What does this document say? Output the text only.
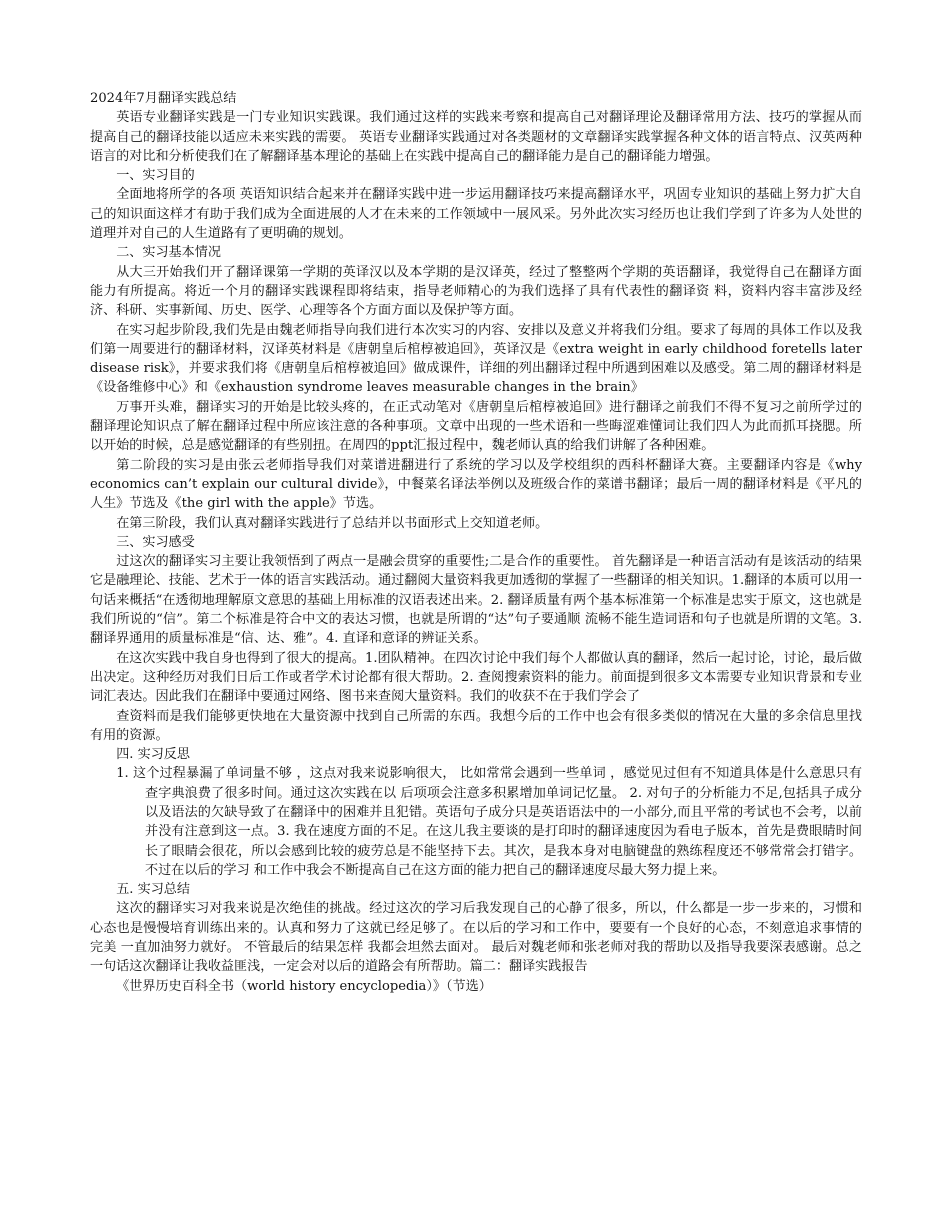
2024年7月翻译实践总结

英语专业翻译实践是一门专业知识实践课。我们通过这样的实践来考察和提高自己对翻译理论及翻译常用方法、技巧的掌握从而提高自己的翻译技能以适应未来实践的需要。 英语专业翻译实践通过对各类题材的文章翻译实践掌握各种文体的语言特点、汉英两种语言的对比和分析使我们在了解翻译基本理论的基础上在实践中提高自己的翻译能力是自己的翻译能力增强。

一、实习目的

全面地将所学的各项 英语知识结合起来并在翻译实践中进一步运用翻译技巧来提高翻译水平，巩固专业知识的基础上努力扩大自己的知识面这样才有助于我们成为全面进展的人才在未来的工作领域中一展风采。另外此次实习经历也让我们学到了许多为人处世的道理并对自己的人生道路有了更明确的规划。

二、实习基本情况

从大三开始我们开了翻译课第一学期的英译汉以及本学期的是汉译英，经过了整整两个学期的英语翻译，我觉得自己在翻译方面能力有所提高。将近一个月的翻译实践课程即将结束，指导老师精心的为我们选择了具有代表性的翻译资 料，资料内容丰富涉及经济、科研、实事新闻、历史、医学、心理等各个方面方面以及保护等方面。

在实习起步阶段,我们先是由魏老师指导向我们进行本次实习的内容、安排以及意义并将我们分组。要求了每周的具体工作以及我们第一周要进行的翻译材料，汉译英材料是《唐朝皇后棺椁被追回》，英译汉是《extra weight in early childhood foretells later disease risk》，并要求我们将《唐朝皇后棺椁被追回》做成课件，详细的列出翻译过程中所遇到困难以及感受。第二周的翻译材料是《设备维修中心》和《exhaustion syndrome leaves measurable changes in the brain》

万事开头难，翻译实习的开始是比较头疼的，在正式动笔对《唐朝皇后棺椁被追回》进行翻译之前我们不得不复习之前所学过的翻译理论知识点了解在翻译过程中所应该注意的各种事项。文章中出现的一些术语和一些晦涩难懂词让我们四人为此而抓耳挠腮。所以开始的时候，总是感觉翻译的有些别扭。在周四的ppt汇报过程中，魏老师认真的给我们讲解了各种困难。

第二阶段的实习是由张云老师指导我们对菜谱进翻进行了系统的学习以及学校组织的西科杯翻译大赛。主要翻译内容是《why economics can’t explain our cultural divide》，中餐菜名译法举例以及班级合作的菜谱书翻译；最后一周的翻译材料是《平凡的人生》节选及《the girl with the apple》节选。

在第三阶段，我们认真对翻译实践进行了总结并以书面形式上交知道老师。

三、实习感受

过这次的翻译实习主要让我领悟到了两点一是融会贯穿的重要性;二是合作的重要性。 首先翻译是一种语言活动有是该活动的结果它是融理论、技能、艺术于一体的语言实践活动。通过翻阅大量资料我更加透彻的掌握了一些翻译的相关知识。1.翻译的本质可以用一句话来概括“在透彻地理解原文意思的基础上用标准的汉语表述出来。2. 翻译质量有两个基本标准第一个标准是忠实于原文，这也就是我们所说的“信”。第二个标准是符合中文的表达习惯，也就是所谓的“达”句子要通顺 流畅不能生造词语和句子也就是所谓的文笔。3. 翻译界通用的质量标准是“信、达、雅”。4. 直译和意译的辨证关系。

在这次实践中我自身也得到了很大的提高。1.团队精神。在四次讨论中我们每个人都做认真的翻译，然后一起讨论，讨论，最后做出决定。这种经历对我们日后工作或者学术讨论都有很大帮助。2. 查阅搜索资料的能力。前面提到很多文本需要专业知识背景和专业词汇表达。因此我们在翻译中要通过网络、图书来查阅大量资料。我们的收获不在于我们学会了

查资料而是我们能够更快地在大量资源中找到自己所需的东西。我想今后的工作中也会有很多类似的情况在大量的多余信息里找有用的资源。

四. 实习反思

1. 这个过程暴漏了单词量不够 ，这点对我来说影响很大， 比如常常会遇到一些单词 ，感觉见过但有不知道具体是什么意思只有查字典浪费了很多时间。通过这次实践在以 后项项会注意多积累增加单词记忆量。 2. 对句子的分析能力不足,包括具子成分以及语法的欠缺导致了在翻译中的困难并且犯错。英语句子成分只是英语语法中的一小部分,而且平常的考试也不会考，以前并没有注意到这一点。3. 我在速度方面的不足。在这儿我主要谈的是打印时的翻译速度因为看电子版本，首先是费眼睛时间长了眼睛会很花，所以会感到比较的疲劳总是不能坚持下去。其次，是我本身对电脑键盘的熟练程度还不够常常会打错字。不过在以后的学习 和工作中我会不断提高自己在这方面的能力把自己的翻译速度尽最大努力提上来。

五. 实习总结

这次的翻译实习对我来说是次绝佳的挑战。经过这次的学习后我发现自己的心静了很多，所以，什么都是一步一步来的，习惯和心态也是慢慢培育训练出来的。认真和努力了这就已经足够了。在以后的学习和工作中，要要有一个良好的心态，不刻意追求事情的完美 一直加油努力就好。 不管最后的结果怎样 我都会坦然去面对。 最后对魏老师和张老师对我的帮助以及指导我要深表感谢。总之一句话这次翻译让我收益匪浅，一定会对以后的道路会有所帮助。篇二：翻译实践报告

《世界历史百科全书（world history encyclopedia）》（节选）
